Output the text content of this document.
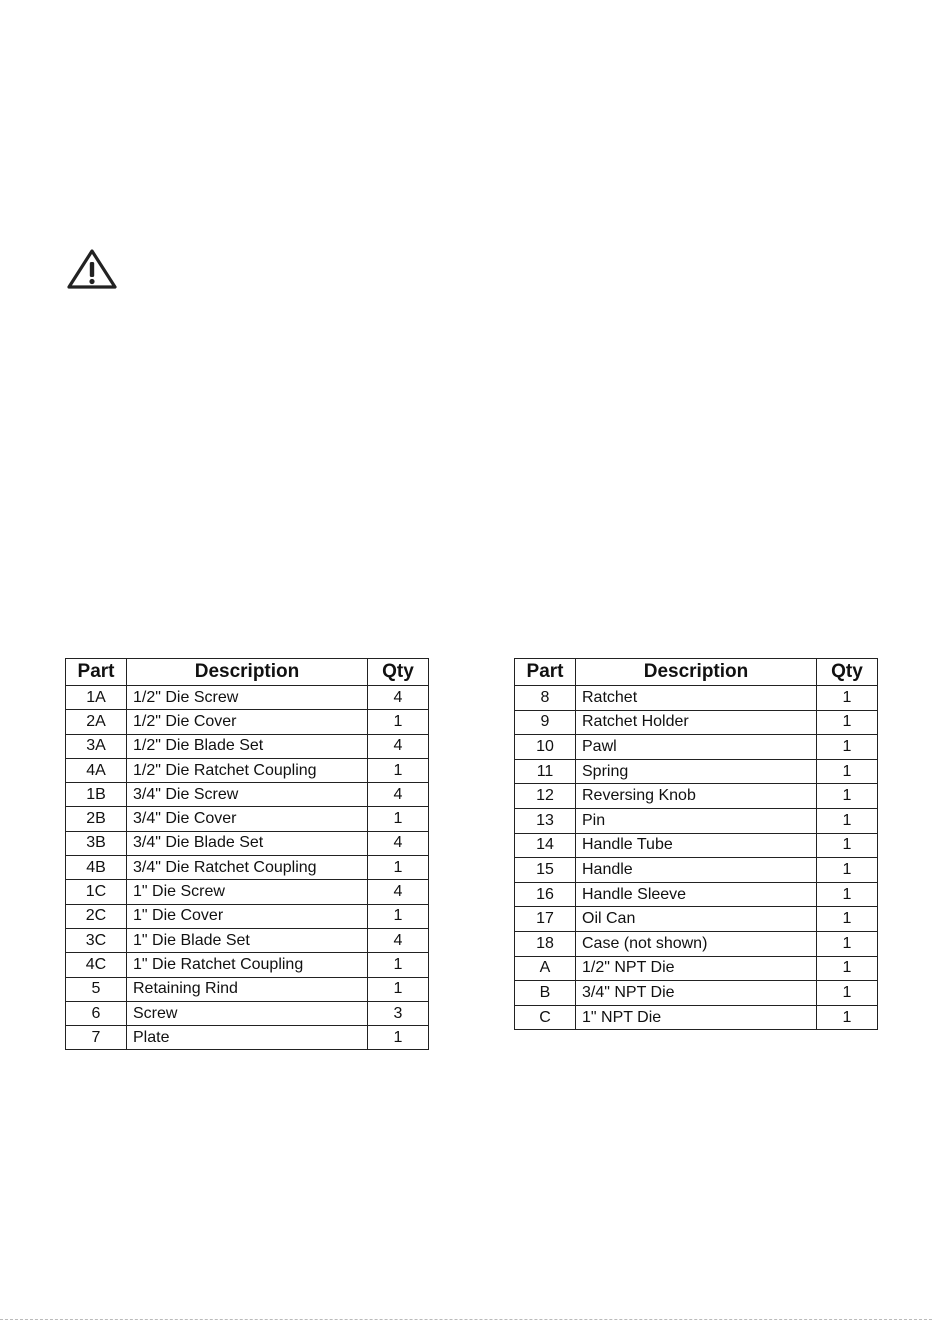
Part	Description	Qty
1A	1/2" Die Screw	4
2A	1/2" Die Cover	1
3A	1/2" Die Blade Set	4
4A	1/2" Die Ratchet Coupling	1
1B	3/4" Die Screw	4
2B	3/4" Die Cover	1
3B	3/4" Die Blade Set	4
4B	3/4" Die Ratchet Coupling	1
1C	1" Die Screw	4
2C	1" Die Cover	1
3C	1" Die Blade Set	4
4C	1" Die Ratchet Coupling	1
5	Retaining Rind	1
6	Screw	3
7	Plate	1
Part	Description	Qty
8	Ratchet	1
9	Ratchet Holder	1
10	Pawl	1
11	Spring	1
12	Reversing Knob	1
13	Pin	1
14	Handle Tube	1
15	Handle	1
16	Handle Sleeve	1
17	Oil Can	1
18	Case (not shown)	1
A	1/2" NPT Die	1
B	3/4" NPT Die	1
C	1" NPT Die	1
